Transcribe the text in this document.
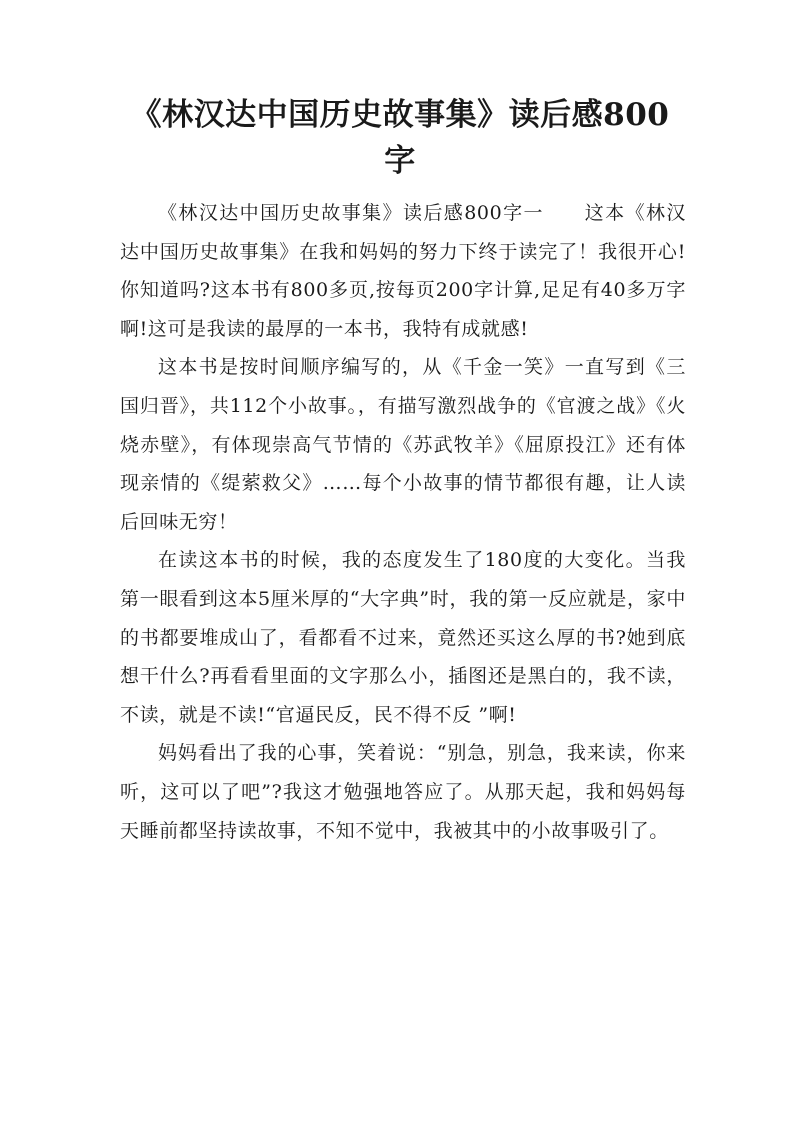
《林汉达中国历史故事集》读后感800字

《林汉达中国历史故事集》读后感800字一　　这本《林汉达中国历史故事集》在我和妈妈的努力下终于读完了！我很开心!你知道吗?这本书有800多页,按每页200字计算,足足有40多万字啊!这可是我读的最厚的一本书，我特有成就感!

这本书是按时间顺序编写的，从《千金一笑》一直写到《三国归晋》，共112个小故事。，有描写激烈战争的《官渡之战》《火烧赤壁》，有体现崇高气节情的《苏武牧羊》《屈原投江》还有体现亲情的《缇萦救父》……每个小故事的情节都很有趣，让人读后回味无穷！

在读这本书的时候，我的态度发生了180度的大变化。当我第一眼看到这本5厘米厚的“大字典”时，我的第一反应就是，家中的书都要堆成山了，看都看不过来，竟然还买这么厚的书?她到底想干什么?再看看里面的文字那么小，插图还是黑白的，我不读，不读，就是不读!“官逼民反，民不得不反 ”啊!

妈妈看出了我的心事，笑着说：“别急，别急，我来读，你来听，这可以了吧”?我这才勉强地答应了。从那天起，我和妈妈每天睡前都坚持读故事，不知不觉中，我被其中的小故事吸引了。
